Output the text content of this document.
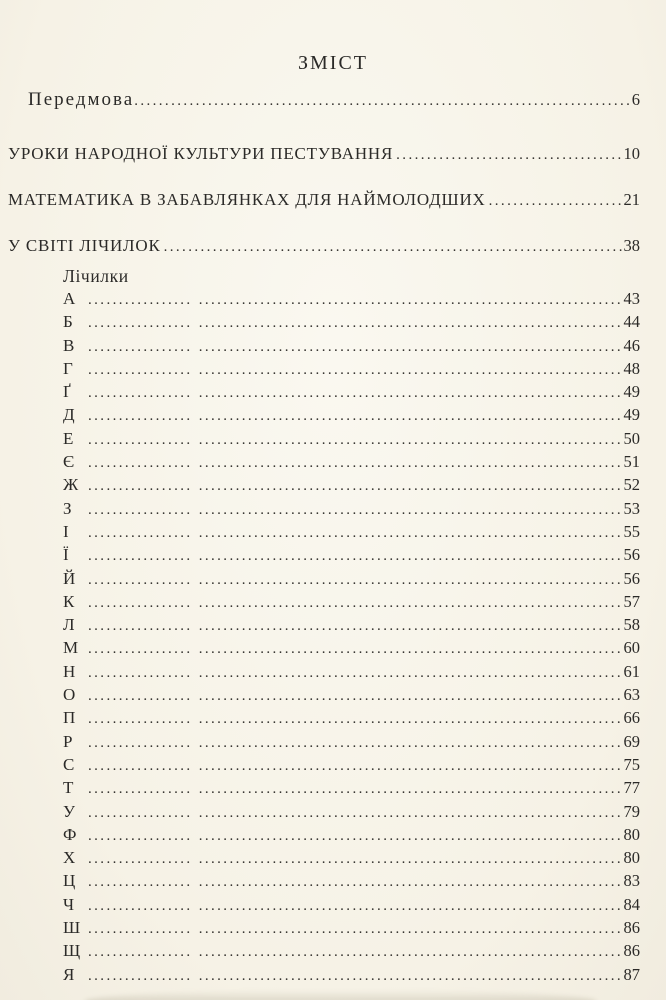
ЗМІСТ
Передмова .....	6
УРОКИ НАРОДНОЇ КУЛЬТУРИ ПЕСТУВАННЯ .....	10
МАТЕМАТИКА В ЗАБАВЛЯНКАХ ДЛЯ НАЙМОЛОДШИХ .....	21
У СВІТІ ЛІЧИЛОК .....	38
Лічилки
А .....	43
Б .....	44
В .....	46
Г .....	48
Ґ .....	49
Д .....	49
Е .....	50
Є .....	51
Ж .....	52
З .....	53
І .....	55
Ї .....	56
Й .....	56
К .....	57
Л .....	58
М .....	60
Н .....	61
О .....	63
П .....	66
Р .....	69
С .....	75
Т .....	77
У .....	79
Ф .....	80
Х .....	80
Ц .....	83
Ч .....	84
Ш .....	86
Щ .....	86
Я .....	87
